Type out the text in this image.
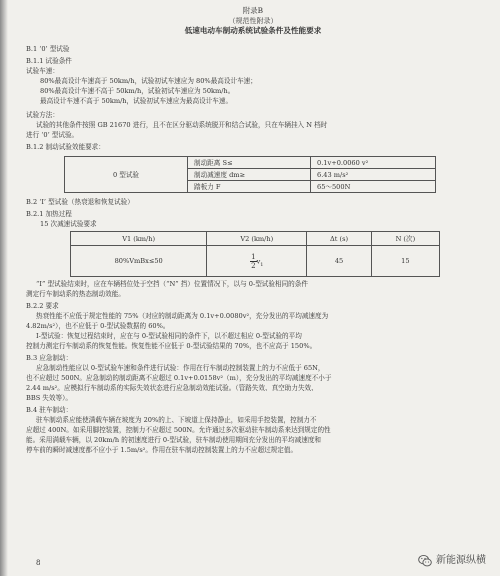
附录B
（规范性附录）
低速电动车制动系统试验条件及性能要求
B.1 ‘0’ 型试验
B.1.1 试验条件
试验车速：
80%最高设计车速高于 50km/h，试验初试车速应为 80%最高设计车速；
80%最高设计车速不高于 50km/h，试验初试车速应为 50km/h。
最高设计车速不高于 50km/h，试验初试车速应为最高设计车速。
试验方法：
试验的其他条件按照 GB 21670 进行，且不在区分驱动系统脱开和结合试验，只在车辆挂入 N 档时
进行 ‘0’ 型试验。
B.1.2 制动试验效能要求：
0 型试验	制动距离 S≤	0.1v+0.0060 v²
	制动减速度 dm≥	6.43 m/s²
	踏板力 F	65～500N
B.2 ‘I’ 型试验（热衰退和恢复试验）
B.2.1 加热过程
15 次减速试验要求
V1 (km/h)	V2 (km/h)	Δt (s)	N (次)
80%VmBx≤50	$\frac{1}{2}v_1$	45	15
“I” 型试验结束时，应在车辆档位处于空挡（“N” 挡）位置情况下，以与 0-型试验相同的条件
测定行车制动系的热态制动效能。
B.2.2 要求
热衰性能不应低于规定性能的 75%（对应的制动距离为 0.1v+0.0080v²，充分发出的平均减速度为
4.82m/s²），也不应低于 0-型试验数据的 60%。
I-型试验：恢复过程结束时，应在与 0-型试验相同的条件下，以不超过相应 0-型试验的平均
控制力测定行车制动系的恢复性能。恢复性能不应低于 0-型试验结果的 70%，也不应高于 150%。
B.3 应急制动：
应急制动性能应以 0-型试验车速和条件进行试验：作用在行车制动控制装置上的力不应低于 65N，
也不应超过 500N。应急制动的制动距离不应超过 0.1v+0.0158v²（m），充分发出的平均减速度不小于
2.44 m/s²。应模拟行车制动系的实际失效状态进行应急制动效能试验。（管路失效、真空助力失效、
BBS 失效等）。
B.4 驻车制动：
驻车制动系应能使满载车辆在坡度为 20%的上、下坡道上保持静止，如采用手控装置，控制力不
应超过 400N。如采用脚控装置，控制力不应超过 500N。允许通过多次驱动驻车制动系来达到规定的性
能。采用满载车辆，以 20km/h 的初速度进行 0-型试验，驻车制动使用期间充分发出的平均减速度和
停车前的瞬时减速度都不应小于 1.5m/s²。作用在驻车制动控制装置上的力不应超过规定值。
8	新能源纵横
